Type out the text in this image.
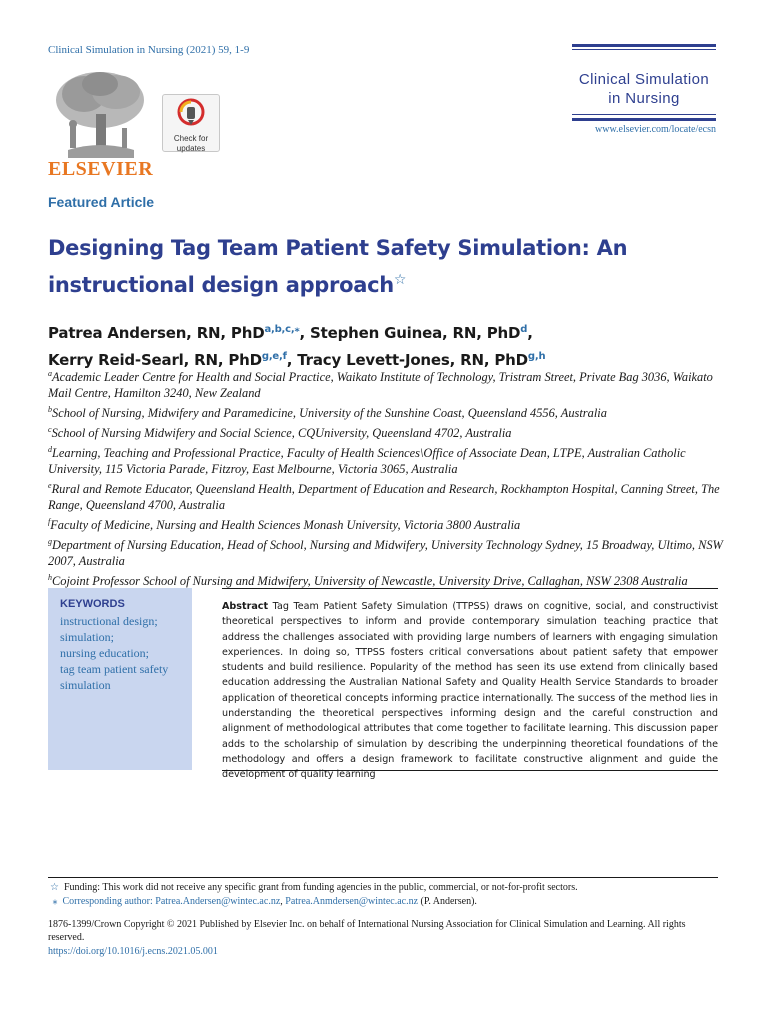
Clinical Simulation in Nursing (2021) 59, 1-9
Clinical Simulation
in Nursing
www.elsevier.com/locate/ecsn
ELSEVIER
Check for
updates
Featured Article
Designing Tag Team Patient Safety Simulation: An instructional design approach☆
Patrea Andersen, RN, PhD$^{a,b,c,⁎}$, Stephen Guinea, RN, PhD$^d$,
Kerry Reid-Searl, RN, PhD$^{g,e,f}$, Tracy Levett-Jones, RN, PhD$^{g,h}$

$^a$Academic Leader Centre for Health and Social Practice, Waikato Institute of Technology, Tristram Street, Private Bag 3036, Waikato Mail Centre, Hamilton 3240, New Zealand

$^b$School of Nursing, Midwifery and Paramedicine, University of the Sunshine Coast, Queensland 4556, Australia

$^c$School of Nursing Midwifery and Social Science, CQUniversity, Queensland 4702, Australia

$^d$Learning, Teaching and Professional Practice, Faculty of Health Sciences\Office of Associate Dean, LTPE, Australian Catholic University, 115 Victoria Parade, Fitzroy, East Melbourne, Victoria 3065, Australia

$^e$Rural and Remote Educator, Queensland Health, Department of Education and Research, Rockhampton Hospital, Canning Street, The Range, Queensland 4700, Australia

$^f$Faculty of Medicine, Nursing and Health Sciences Monash University, Victoria 3800 Australia

$^g$Department of Nursing Education, Head of School, Nursing and Midwifery, University Technology Sydney, 15 Broadway, Ultimo, NSW 2007, Australia

$^h$Cojoint Professor School of Nursing and Midwifery, University of Newcastle, University Drive, Callaghan, NSW 2308 Australia

KEYWORDS
instructional design;
simulation;
nursing education;
tag team patient safety simulation
Abstract Tag Team Patient Safety Simulation (TTPSS) draws on cognitive, social, and constructivist theoretical perspectives to inform and provide contemporary simulation teaching practice that address the challenges associated with providing large numbers of learners with engaging simulation experiences. In doing so, TTPSS fosters critical conversations about patient safety that empower students and build resilience. Popularity of the method has seen its use extend from clinically based education addressing the Australian National Safety and Quality Health Service Standards to broader application of theoretical concepts informing practice internationally. The success of the method lies in understanding the theoretical perspectives informing design and the careful construction and alignment of methodological attributes that come together to facilitate learning. This discussion paper adds to the scholarship of simulation by describing the underpinning theoretical foundations of the methodology and offers a design framework to facilitate constructive alignment and guide the development of quality learning
☆ Funding: This work did not receive any specific grant from funding agencies in the public, commercial, or not-for-profit sectors.
⁎ Corresponding author: Patrea.Andersen@wintec.ac.nz, Patrea.Anmdersen@wintec.ac.nz (P. Andersen).
1876-1399/Crown Copyright © 2021 Published by Elsevier Inc. on behalf of International Nursing Association for Clinical Simulation and Learning. All rights reserved.
https://doi.org/10.1016/j.ecns.2021.05.001
